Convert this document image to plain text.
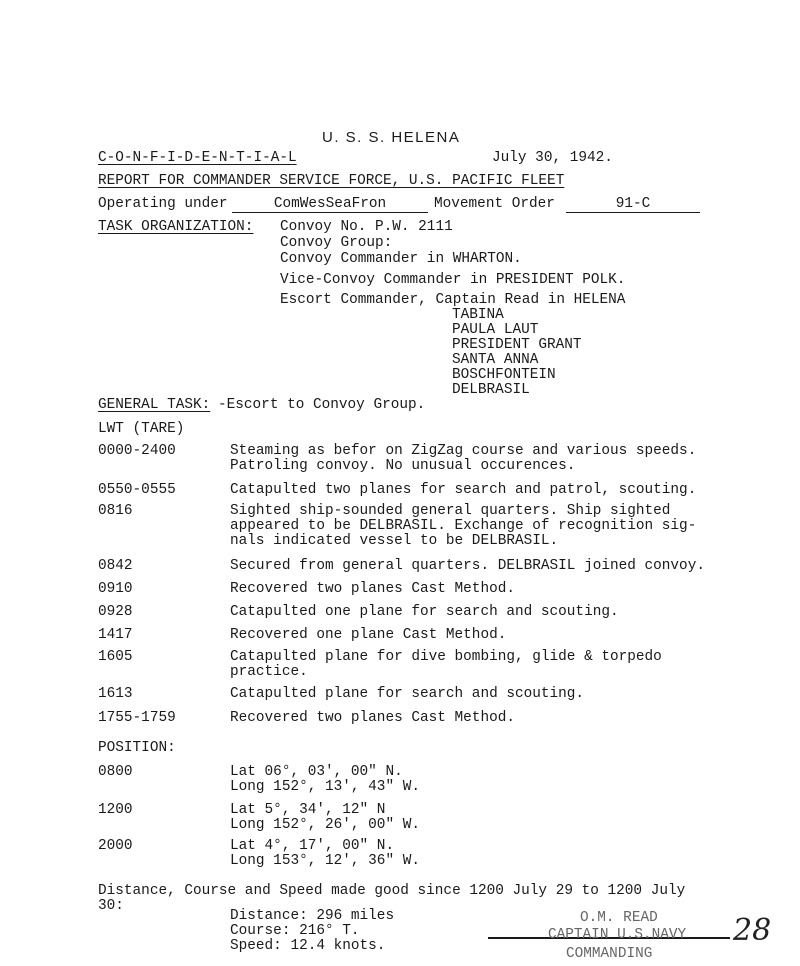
U. S. S. HELENA
C-O-N-F-I-D-E-N-T-I-A-L	July 30, 1942.
REPORT FOR COMMANDER SERVICE FORCE, U.S. PACIFIC FLEET
Operating under	ComWesSeaFron	Movement Order	91-C
TASK ORGANIZATION: Convoy No. P.W. 2111
Convoy Group:
Convoy Commander in WHARTON.
Vice-Convoy Commander in PRESIDENT POLK.
Escort Commander, Captain Read in HELENA
TABINA
PAULA LAUT
PRESIDENT GRANT
SANTA ANNA
BOSCHFONTEIN
DELBRASIL
GENERAL TASK: -Escort to Convoy Group.
LWT (TARE)
0000-2400	Steaming as befor on ZigZag course and various speeds.
Patroling convoy. No unusual occurences.
0550-0555	Catapulted two planes for search and patrol, scouting.
0816	Sighted ship-sounded general quarters. Ship sighted
appeared to be DELBRASIL. Exchange of recognition sig-
nals indicated vessel to be DELBRASIL.
0842	Secured from general quarters. DELBRASIL joined convoy.
0910	Recovered two planes Cast Method.
0928	Catapulted one plane for search and scouting.
1417	Recovered one plane Cast Method.
1605	Catapulted plane for dive bombing, glide & torpedo
practice.
1613	Catapulted plane for search and scouting.
1755-1759	Recovered two planes Cast Method.
POSITION:
0800	Lat 06°, 03', 00" N.
Long 152°, 13', 43" W.
1200	Lat 5°, 34', 12" N
Long 152°, 26', 00" W.
2000	Lat 4°, 17', 00" N.
Long 153°, 12', 36" W.
Distance, Course and Speed made good since 1200 July 29 to 1200 July
30:
Distance: 296 miles
Course: 216° T.
Speed: 12.4 knots.
O.M. READ
CAPTAIN U.S.NAVY
COMMANDING
28
